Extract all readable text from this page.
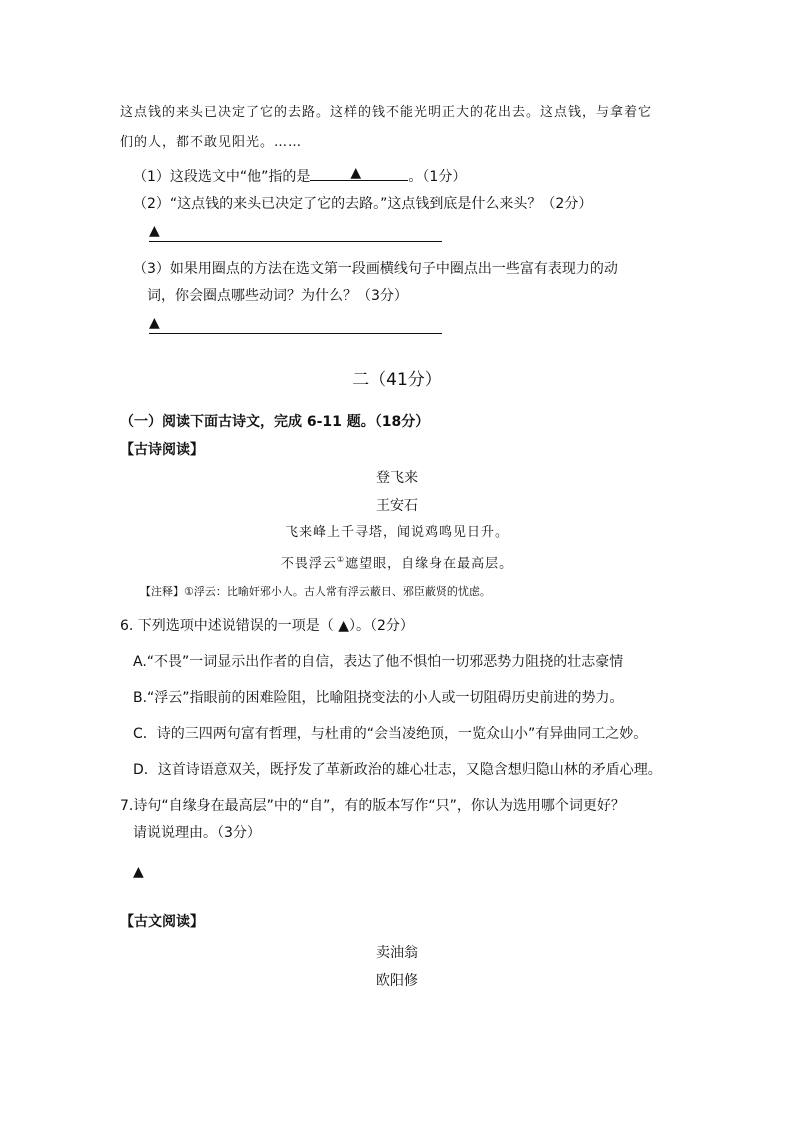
这点钱的来头已决定了它的去路。这样的钱不能光明正大的花出去。这点钱，与拿着它
们的人，都不敢见阳光。……
（1）这段选文中“他”指的是	▲	。（1分）
（2）“这点钱的来头已决定了它的去路。”这点钱到底是什么来头？（2分）
▲
（3）如果用圈点的方法在选文第一段画横线句子中圈点出一些富有表现力的动
词，你会圈点哪些动词？为什么？（3分）
▲
二（41分）
（一）阅读下面古诗文，完成 6-11 题。（18分）
【古诗阅读】
登飞来
王安石
飞来峰上千寻塔，闻说鸡鸣见日升。
不畏浮云①遮望眼，自缘身在最高层。
【注释】①浮云：比喻奸邪小人。古人常有浮云蔽日、邪臣蔽贤的忧虑。
6. 下列选项中述说错误的一项是（ ▲）。（2分）
A.“不畏”一词显示出作者的自信，表达了他不惧怕一切邪恶势力阻挠的壮志豪情
B.“浮云”指眼前的困难险阻，比喻阻挠变法的小人或一切阻碍历史前进的势力。
C．诗的三四两句富有哲理，与杜甫的“会当凌绝顶，一览众山小”有异曲同工之妙。
D．这首诗语意双关，既抒发了革新政治的雄心壮志，又隐含想归隐山林的矛盾心理。
7.诗句“自缘身在最高层”中的“自”，有的版本写作“只”，你认为选用哪个词更好？
请说说理由。（3分）
▲
【古文阅读】
卖油翁
欧阳修
